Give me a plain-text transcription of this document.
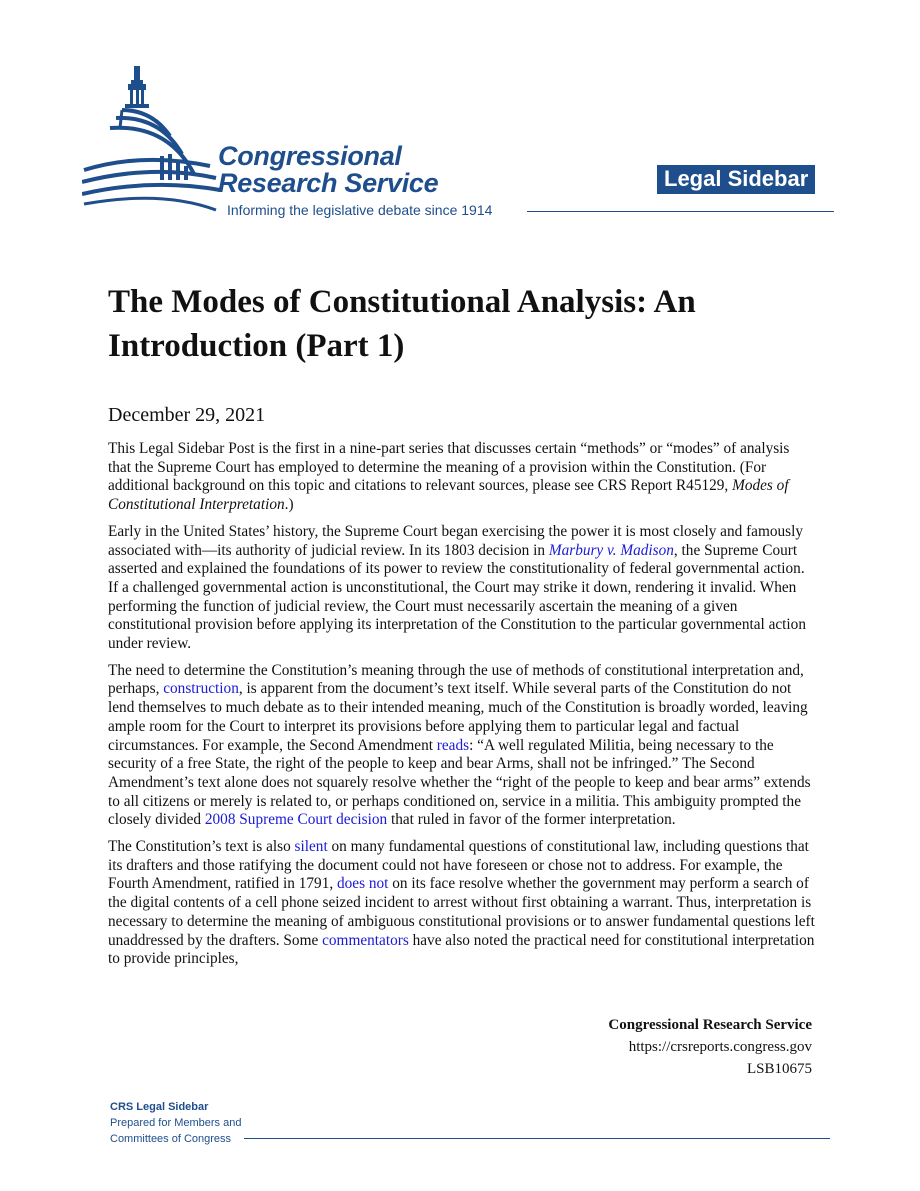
Congressional
Research Service
Informing the legislative debate since 1914
Legal Sidebar
The Modes of Constitutional Analysis: An Introduction (Part 1)
December 29, 2021

This Legal Sidebar Post is the first in a nine-part series that discusses certain “methods” or “modes” of analysis that the Supreme Court has employed to determine the meaning of a provision within the Constitution. (For additional background on this topic and citations to relevant sources, please see CRS Report R45129, Modes of Constitutional Interpretation.)

Early in the United States’ history, the Supreme Court began exercising the power it is most closely and famously associated with—its authority of judicial review. In its 1803 decision in Marbury v. Madison, the Supreme Court asserted and explained the foundations of its power to review the constitutionality of federal governmental action. If a challenged governmental action is unconstitutional, the Court may strike it down, rendering it invalid. When performing the function of judicial review, the Court must necessarily ascertain the meaning of a given constitutional provision before applying its interpretation of the Constitution to the particular governmental action under review.

The need to determine the Constitution’s meaning through the use of methods of constitutional interpretation and, perhaps, construction, is apparent from the document’s text itself. While several parts of the Constitution do not lend themselves to much debate as to their intended meaning, much of the Constitution is broadly worded, leaving ample room for the Court to interpret its provisions before applying them to particular legal and factual circumstances. For example, the Second Amendment reads: “A well regulated Militia, being necessary to the security of a free State, the right of the people to keep and bear Arms, shall not be infringed.” The Second Amendment’s text alone does not squarely resolve whether the “right of the people to keep and bear arms” extends to all citizens or merely is related to, or perhaps conditioned on, service in a militia. This ambiguity prompted the closely divided 2008 Supreme Court decision that ruled in favor of the former interpretation.

The Constitution’s text is also silent on many fundamental questions of constitutional law, including questions that its drafters and those ratifying the document could not have foreseen or chose not to address. For example, the Fourth Amendment, ratified in 1791, does not on its face resolve whether the government may perform a search of the digital contents of a cell phone seized incident to arrest without first obtaining a warrant. Thus, interpretation is necessary to determine the meaning of ambiguous constitutional provisions or to answer fundamental questions left unaddressed by the drafters. Some commentators have also noted the practical need for constitutional interpretation to provide principles,

Congressional Research Service
https://crsreports.congress.gov
LSB10675
CRS Legal Sidebar
Prepared for Members and
Committees of Congress
